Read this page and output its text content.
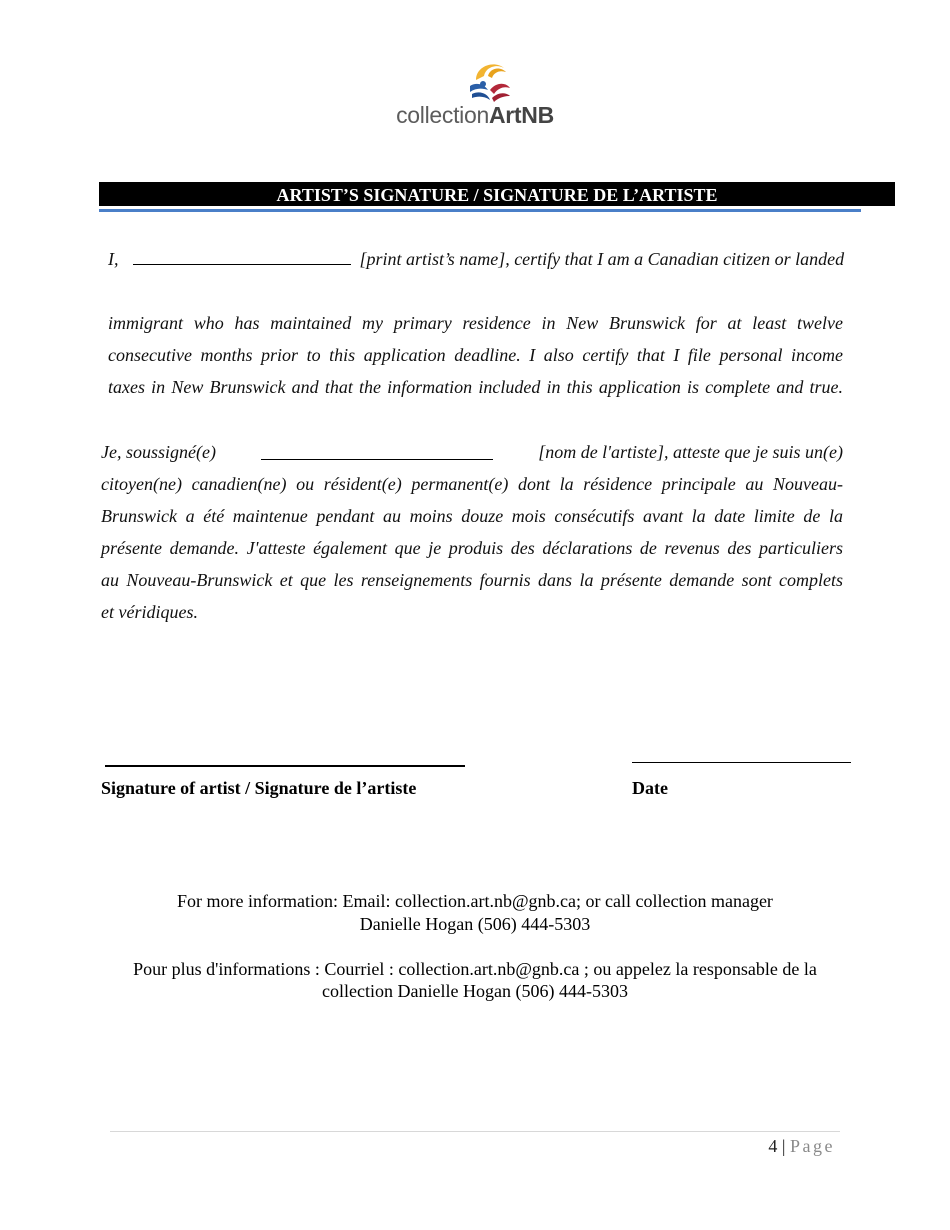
collectionArtNB
ARTIST’S SIGNATURE / SIGNATURE DE L’ARTISTE
I,	[print artist’s name], certify that I am a Canadian citizen or landed
immigrant who has maintained my primary residence in New Brunswick for at least twelve
consecutive months prior to this application deadline. I also certify that I file personal income
taxes in New Brunswick and that the information included in this application is complete and true.
Je, soussigné(e)	[nom de l'artiste], atteste que je suis un(e)
citoyen(ne) canadien(ne) ou résident(e) permanent(e) dont la résidence principale au Nouveau-
Brunswick a été maintenue pendant au moins douze mois consécutifs avant la date limite de la
présente demande. J'atteste également que je produis des déclarations de revenus des particuliers
au Nouveau-Brunswick et que les renseignements fournis dans la présente demande sont complets
et véridiques.
Signature of artist / Signature de l’artiste	Date
For more information: Email: collection.art.nb@gnb.ca; or call collection manager
Danielle Hogan (506) 444-5303
Pour plus d'informations : Courriel : collection.art.nb@gnb.ca ; ou appelez la responsable de la
collection Danielle Hogan (506) 444-5303
4 | Page
